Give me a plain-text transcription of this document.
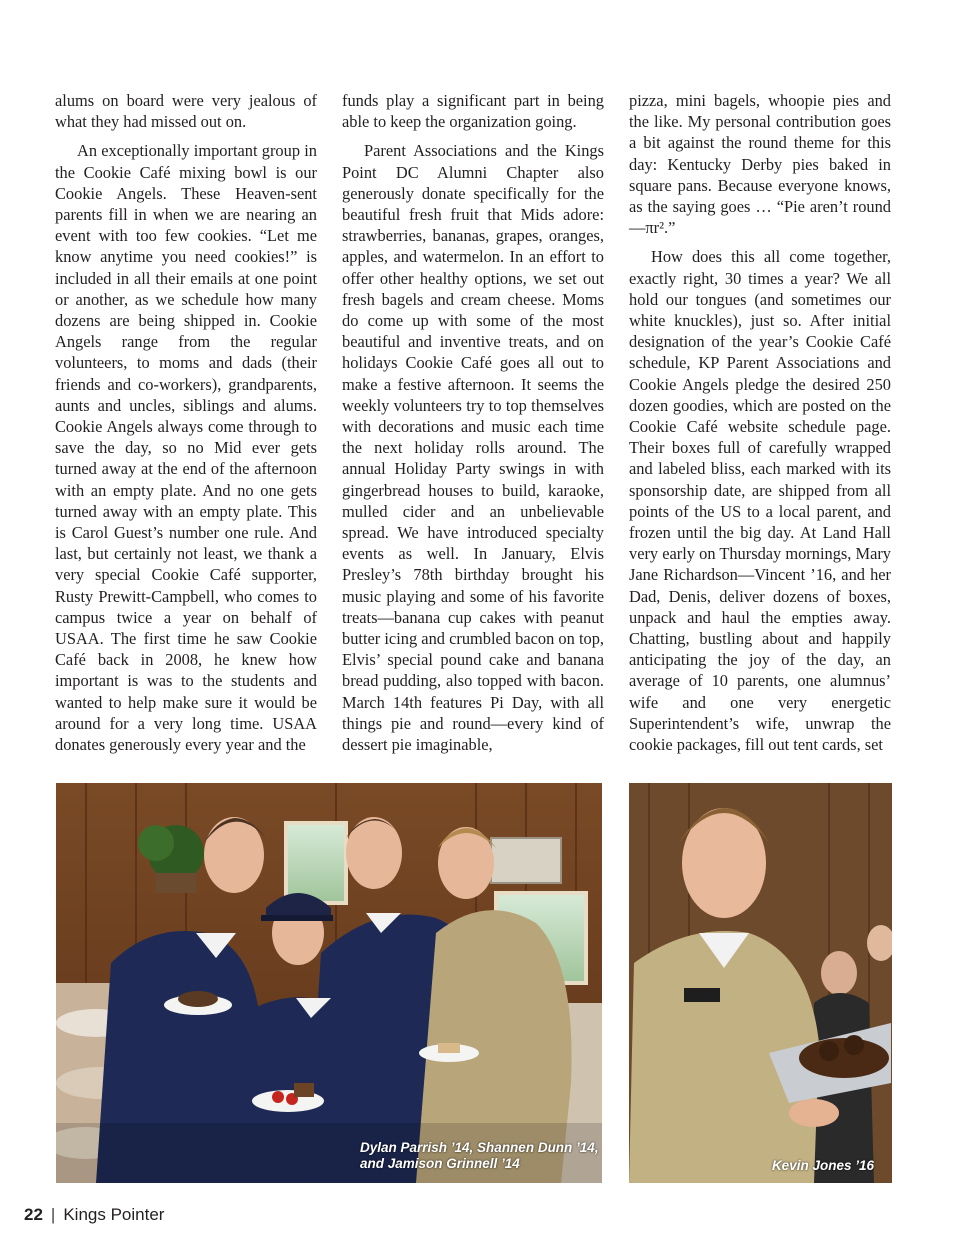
alums on board were very jealous of what they had missed out on.

An exceptionally important group in the Cookie Café mixing bowl is our Cookie Angels. These Heaven-sent parents fill in when we are nearing an event with too few cookies. “Let me know anytime you need cookies!” is included in all their emails at one point or another, as we schedule how many dozens are being shipped in. Cookie Angels range from the regular volunteers, to moms and dads (their friends and co-workers), grandparents, aunts and uncles, siblings and alums. Cookie Angels always come through to save the day, so no Mid ever gets turned away at the end of the afternoon with an empty plate. And no one gets turned away with an empty plate. This is Carol Guest’s number one rule. And last, but certainly not least, we thank a very special Cookie Café supporter, Rusty Prewitt-Campbell, who comes to campus twice a year on behalf of USAA. The first time he saw Cookie Café back in 2008, he knew how important is was to the students and wanted to help make sure it would be around for a very long time. USAA donates generously every year and the

funds play a significant part in being able to keep the organization going.

Parent Associations and the Kings Point DC Alumni Chapter also generously donate specifically for the beautiful fresh fruit that Mids adore: strawberries, bananas, grapes, oranges, apples, and watermelon. In an effort to offer other healthy options, we set out fresh bagels and cream cheese. Moms do come up with some of the most beautiful and inventive treats, and on holidays Cookie Café goes all out to make a festive afternoon. It seems the weekly volunteers try to top themselves with decorations and music each time the next holiday rolls around. The annual Holiday Party swings in with gingerbread houses to build, karaoke, mulled cider and an unbelievable spread. We have introduced specialty events as well. In January, Elvis Presley’s 78th birthday brought his music playing and some of his favorite treats—banana cup cakes with peanut butter icing and crumbled bacon on top, Elvis’ special pound cake and banana bread pudding, also topped with bacon. March 14th features Pi Day, with all things pie and round—every kind of dessert pie imaginable,

pizza, mini bagels, whoopie pies and the like. My personal contribution goes a bit against the round theme for this day: Kentucky Derby pies baked in square pans. Because everyone knows, as the saying goes … “Pie aren’t round—πr².”

How does this all come together, exactly right, 30 times a year? We all hold our tongues (and sometimes our white knuckles), just so. After initial designation of the year’s Cookie Café schedule, KP Parent Associations and Cookie Angels pledge the desired 250 dozen goodies, which are posted on the Cookie Café website schedule page. Their boxes full of carefully wrapped and labeled bliss, each marked with its sponsorship date, are shipped from all points of the US to a local parent, and frozen until the big day. At Land Hall very early on Thursday mornings, Mary Jane Richardson—Vincent ’16, and her Dad, Denis, deliver dozens of boxes, unpack and haul the empties away. Chatting, bustling about and happily anticipating the joy of the day, an average of 10 parents, one alumnus’ wife and one very energetic Superintendent’s wife, unwrap the cookie packages, fill out tent cards, set

Dylan Parrish ’14, Shannen Dunn ’14, and Jamison Grinnell ’14	Kevin Jones ’16
22 | Kings Pointer
